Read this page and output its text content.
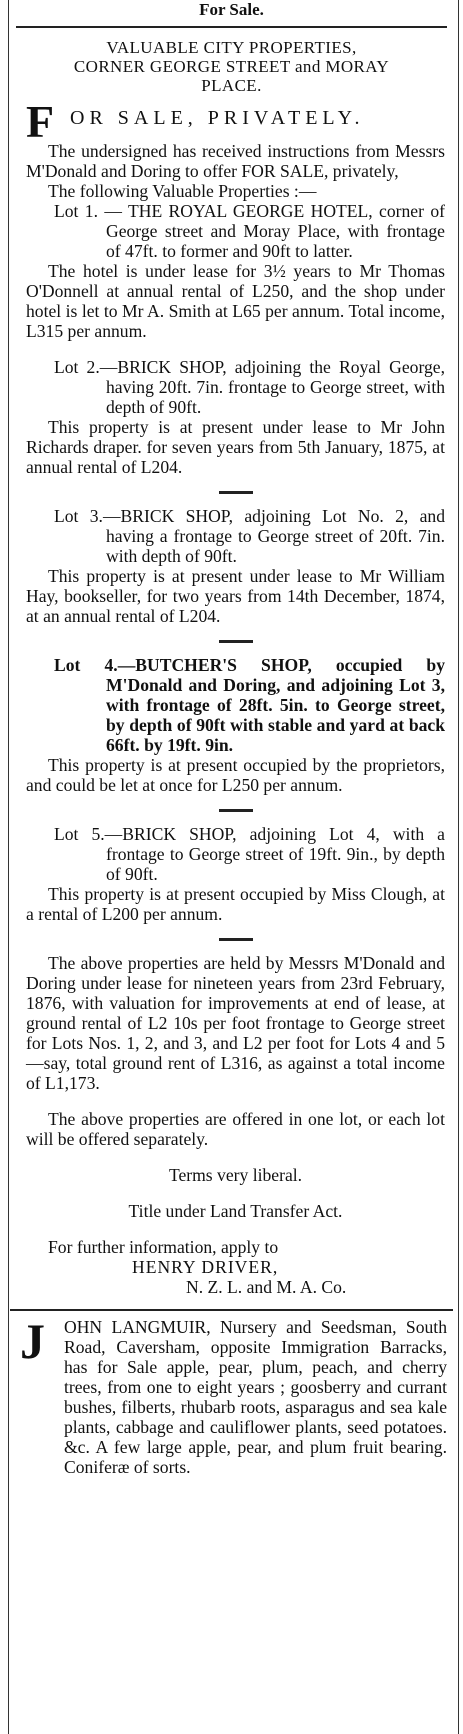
For Sale.

VALUABLE CITY PROPERTIES,
CORNER GEORGE STREET and MORAY
PLACE.
F OR SALE, PRIVATELY.

The undersigned has received instructions from Messrs M'Donald and Doring to offer FOR SALE, privately,

The following Valuable Properties :—

Lot 1. — THE ROYAL GEORGE HOTEL, corner of George street and Moray Place, with frontage of 47ft. to former and 90ft to latter.

The hotel is under lease for 3½ years to Mr Thomas O'Donnell at annual rental of L250, and the shop under hotel is let to Mr A. Smith at L65 per annum. Total income, L315 per annum.

Lot 2.—BRICK SHOP, adjoining the Royal George, having 20ft. 7in. frontage to George street, with depth of 90ft.

This property is at present under lease to Mr John Richards draper. for seven years from 5th January, 1875, at annual rental of L204.

Lot 3.—BRICK SHOP, adjoining Lot No. 2, and having a frontage to George street of 20ft. 7in. with depth of 90ft.

This property is at present under lease to Mr William Hay, bookseller, for two years from 14th December, 1874, at an annual rental of L204.

Lot 4.—BUTCHER'S SHOP, occupied by M'Donald and Doring, and adjoining Lot 3, with frontage of 28ft. 5in. to George street, by depth of 90ft with stable and yard at back 66ft. by 19ft. 9in.

This property is at present occupied by the proprietors, and could be let at once for L250 per annum.

Lot 5.—BRICK SHOP, adjoining Lot 4, with a frontage to George street of 19ft. 9in., by depth of 90ft.

This property is at present occupied by Miss Clough, at a rental of L200 per annum.

The above properties are held by Messrs M'Donald and Doring under lease for nineteen years from 23rd February, 1876, with valuation for improvements at end of lease, at ground rental of L2 10s per foot frontage to George street for Lots Nos. 1, 2, and 3, and L2 per foot for Lots 4 and 5—say, total ground rent of L316, as against a total income of L1,173.

The above properties are offered in one lot, or each lot will be offered separately.

Terms very liberal.

Title under Land Transfer Act.

For further information, apply to

HENRY DRIVER,
N. Z. L. and M. A. Co.
J	OHN LANGMUIR, Nursery and Seedsman, South Road, Caversham, opposite Immigration Barracks, has for Sale apple, pear, plum, peach, and cherry trees, from one to eight years ; goosberry and currant bushes, filberts, rhubarb roots, asparagus and sea kale plants, cabbage and cauliflower plants, seed potatoes. &c. A few large apple, pear, and plum fruit bearing. Coniferæ of sorts.
